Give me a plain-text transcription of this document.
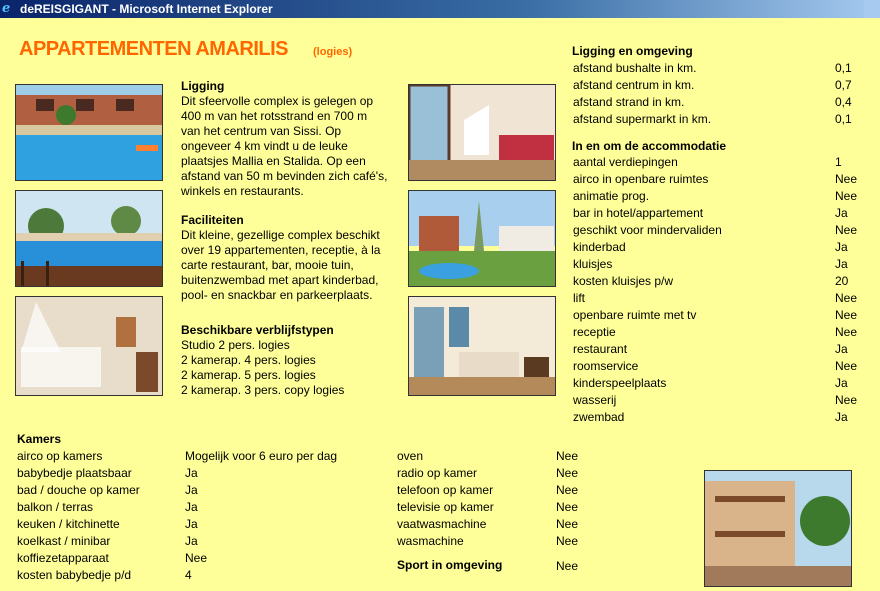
e deREISGIGANT - Microsoft Internet Explorer
APPARTEMENTEN AMARILIS (logies)
Ligging
Dit sfeervolle complex is gelegen op
400 m van het rotsstrand en 700 m
van het centrum van Sissi. Op
ongeveer 4 km vindt u de leuke
plaatsjes Mallia en Stalida. Op een
afstand van 50 m bevinden zich café's,
winkels en restaurants.
Faciliteiten
Dit kleine, gezellige complex beschikt
over 19 appartementen, receptie, à la
carte restaurant, bar, mooie tuin,
buitenzwembad met apart kinderbad,
pool- en snackbar en parkeerplaats.
Beschikbare verblijfstypen
Studio 2 pers. logies
2 kamerap. 4 pers. logies
2 kamerap. 5 pers. logies
2 kamerap. 3 pers. copy logies
Ligging en omgeving
afstand bushalte in km.	0,1
afstand centrum in km.	0,7
afstand strand in km.	0,4
afstand supermarkt in km.	0,1
In en om de accommodatie
aantal verdiepingen	1
airco in openbare ruimtes	Nee
animatie prog.	Nee
bar in hotel/appartement	Ja
geschikt voor mindervaliden	Nee
kinderbad	Ja
kluisjes	Ja
kosten kluisjes p/w	20
lift	Nee
openbare ruimte met tv	Nee
receptie	Nee
restaurant	Ja
roomservice	Nee
kinderspeelplaats	Ja
wasserij	Nee
zwembad	Ja
Kamers
airco op kamers	Mogelijk voor 6 euro per dag
babybedje plaatsbaar	Ja
bad / douche op kamer	Ja
balkon / terras	Ja
keuken / kitchinette	Ja
koelkast / minibar	Ja
koffiezetapparaat	Nee
kosten babybedje p/d	4
oven	Nee
radio op kamer	Nee
telefoon op kamer	Nee
televisie op kamer	Nee
vaatwasmachine	Nee
wasmachine	Nee
Sport in omgeving	Nee
